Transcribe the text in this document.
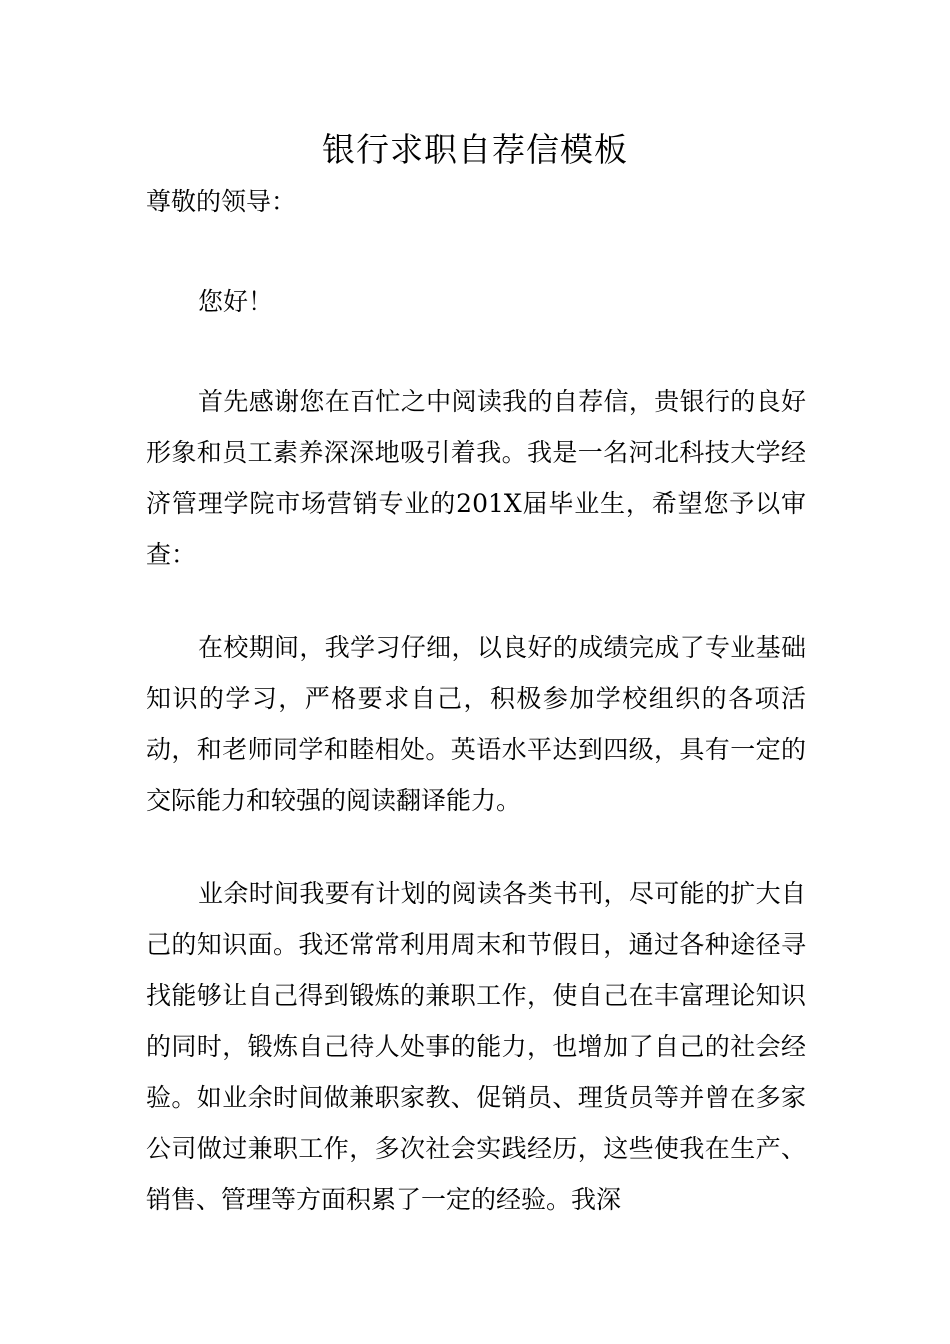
银行求职自荐信模板
尊敬的领导：

您好！

首先感谢您在百忙之中阅读我的自荐信，贵银行的良好形象和员工素养深深地吸引着我。我是一名河北科技大学经济管理学院市场营销专业的201X届毕业生，希望您予以审查：

在校期间，我学习仔细，以良好的成绩完成了专业基础知识的学习，严格要求自己，积极参加学校组织的各项活动，和老师同学和睦相处。英语水平达到四级，具有一定的交际能力和较强的阅读翻译能力。

业余时间我要有计划的阅读各类书刊，尽可能的扩大自己的知识面。我还常常利用周末和节假日，通过各种途径寻找能够让自己得到锻炼的兼职工作，使自己在丰富理论知识的同时，锻炼自己待人处事的能力，也增加了自己的社会经验。如业余时间做兼职家教、促销员、理货员等并曾在多家公司做过兼职工作，多次社会实践经历，这些使我在生产、销售、管理等方面积累了一定的经验。我深
